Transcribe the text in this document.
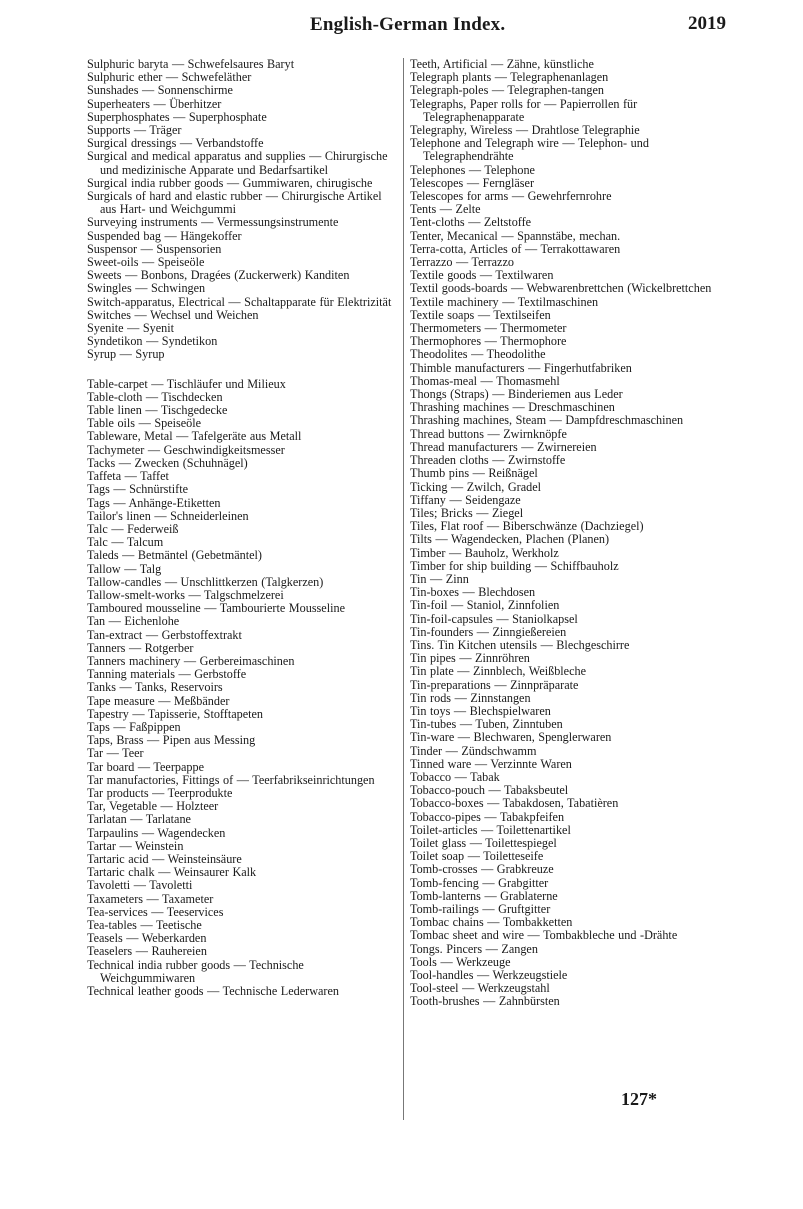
English-German Index.	2019
Sulphuric baryta — Schwefelsaures Baryt
Sulphuric ether — Schwefeläther
Sunshades — Sonnenschirme
Superheaters — Überhitzer
Superphosphates — Superphosphate
Supports — Träger
Surgical dressings — Verbandstoffe
Surgical and medical apparatus and supplies — Chirurgische und medizinische Apparate und Bedarfsartikel
Surgical india rubber goods — Gummiwaren, chirugische
Surgicals of hard and elastic rubber — Chirurgische Artikel aus Hart- und Weichgummi
Surveying instruments — Vermessungsinstrumente
Suspended bag — Hängekoffer
Suspensor — Suspensorien
Sweet-oils — Speiseöle
Sweets — Bonbons, Dragées (Zuckerwerk) Kanditen
Swingles — Schwingen
Switch-apparatus, Electrical — Schaltapparate für Elektrizität
Switches — Wechsel und Weichen
Syenite — Syenit
Syndetikon — Syndetikon
Syrup — Syrup
Table-carpet — Tischläufer und Milieux
Table-cloth — Tischdecken
Table linen — Tischgedecke
Table oils — Speiseöle
Tableware, Metal — Tafelgeräte aus Metall
Tachymeter — Geschwindigkeitsmesser
Tacks — Zwecken (Schuhnägel)
Taffeta — Taffet
Tags — Schnürstifte
Tags — Anhänge-Etiketten
Tailor's linen — Schneiderleinen
Talc — Federweiß
Talc — Talcum
Taleds — Betmäntel (Gebetmäntel)
Tallow — Talg
Tallow-candles — Unschlittkerzen (Talgkerzen)
Tallow-smelt-works — Talgschmelzerei
Tamboured mousseline — Tambourierte Mousseline
Tan — Eichenlohe
Tan-extract — Gerbstoffextrakt
Tanners — Rotgerber
Tanners machinery — Gerbereimaschinen
Tanning materials — Gerbstoffe
Tanks — Tanks, Reservoirs
Tape measure — Meßbänder
Tapestry — Tapisserie, Stofftapeten
Taps — Faßpippen
Taps, Brass — Pipen aus Messing
Tar — Teer
Tar board — Teerpappe
Tar manufactories, Fittings of — Teerfabrikseinrichtungen
Tar products — Teerprodukte
Tar, Vegetable — Holzteer
Tarlatan — Tarlatane
Tarpaulins — Wagendecken
Tartar — Weinstein
Tartaric acid — Weinsteinsäure
Tartaric chalk — Weinsaurer Kalk
Tavoletti — Tavoletti
Taxameters — Taxameter
Tea-services — Teeservices
Tea-tables — Teetische
Teasels — Weberkarden
Teaselers — Rauhereien
Technical india rubber goods — Technische Weichgummiwaren
Technical leather goods — Technische Lederwaren
Teeth, Artificial — Zähne, künstliche
Telegraph plants — Telegraphenanlagen
Telegraph-poles — Telegraphen-tangen
Telegraphs, Paper rolls for — Papierrollen für Telegraphenapparate
Telegraphy, Wireless — Drahtlose Telegraphie
Telephone and Telegraph wire — Telephon- und Telegraphendrähte
Telephones — Telephone
Telescopes — Ferngläser
Telescopes for arms — Gewehrfernrohre
Tents — Zelte
Tent-cloths — Zeltstoffe
Tenter, Mecanical — Spannstäbe, mechan.
Terra-cotta, Articles of — Terrakottawaren
Terrazzo — Terrazzo
Textile goods — Textilwaren
Textil goods-boards — Webwarenbrettchen (Wickelbrettchen
Textile machinery — Textilmaschinen
Textile soaps — Textilseifen
Thermometers — Thermometer
Thermophores — Thermophore
Theodolites — Theodolithe
Thimble manufacturers — Fingerhutfabriken
Thomas-meal — Thomasmehl
Thongs (Straps) — Binderiemen aus Leder
Thrashing machines — Dreschmaschinen
Thrashing machines, Steam — Dampfdreschmaschinen
Thread buttons — Zwirnknöpfe
Thread manufacturers — Zwirnereien
Threaden cloths — Zwirnstoffe
Thumb pins — Reißnägel
Ticking — Zwilch, Gradel
Tiffany — Seidengaze
Tiles; Bricks — Ziegel
Tiles, Flat roof — Biberschwänze (Dachziegel)
Tilts — Wagendecken, Plachen (Planen)
Timber — Bauholz, Werkholz
Timber for ship building — Schiffbauholz
Tin — Zinn
Tin-boxes — Blechdosen
Tin-foil — Staniol, Zinnfolien
Tin-foil-capsules — Staniolkapsel
Tin-founders — Zinngießereien
Tins. Tin Kitchen utensils — Blechgeschirre
Tin pipes — Zinnröhren
Tin plate — Zinnblech, Weißbleche
Tin-preparations — Zinnpräparate
Tin rods — Zinnstangen
Tin toys — Blechspielwaren
Tin-tubes — Tuben, Zinntuben
Tin-ware — Blechwaren, Spenglerwaren
Tinder — Zündschwamm
Tinned ware — Verzinnte Waren
Tobacco — Tabak
Tobacco-pouch — Tabaksbeutel
Tobacco-boxes — Tabakdosen, Tabatièren
Tobacco-pipes — Tabakpfeifen
Toilet-articles — Toilettenartikel
Toilet glass — Toilettespiegel
Toilet soap — Toiletteseife
Tomb-crosses — Grabkreuze
Tomb-fencing — Grabgitter
Tomb-lanterns — Grablaterne
Tomb-railings — Gruftgitter
Tombac chains — Tombakketten
Tombac sheet and wire — Tombakbleche und -Drähte
Tongs. Pincers — Zangen
Tools — Werkzeuge
Tool-handles — Werkzeugstiele
Tool-steel — Werkzeugstahl
Tooth-brushes — Zahnbürsten
127*
